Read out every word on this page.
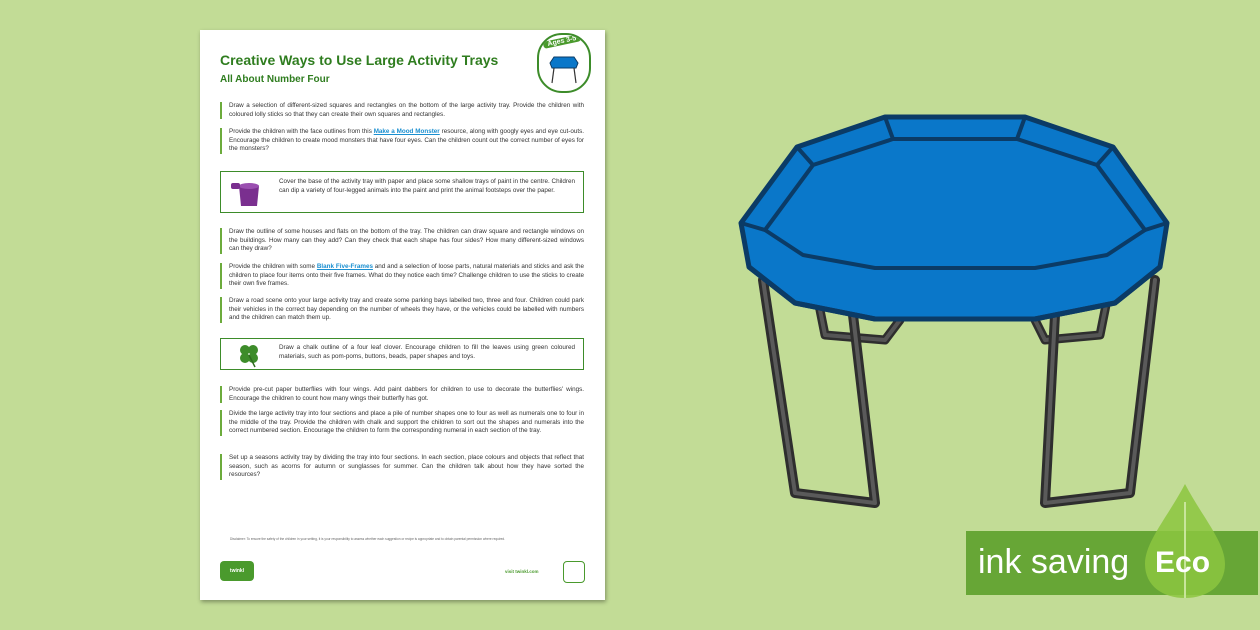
Creative Ways to Use Large Activity Trays
All About Number Four
Ages 3-5
Draw a selection of different-sized squares and rectangles on the bottom of the large activity tray. Provide the children with coloured lolly sticks so that they can create their own squares and rectangles.
Provide the children with the face outlines from this Make a Mood Monster resource, along with googly eyes and eye cut-outs. Encourage the children to create mood monsters that have four eyes. Can the children count out the correct number of eyes for the monsters?
Cover the base of the activity tray with paper and place some shallow trays of paint in the centre. Children can dip a variety of four-legged animals into the paint and print the animal footsteps over the paper.
Draw the outline of some houses and flats on the bottom of the tray. The children can draw square and rectangle windows on the buildings. How many can they add? Can they check that each shape has four sides? How many different-sized windows can they draw?
Provide the children with some Blank Five-Frames and and a selection of loose parts, natural materials and sticks and ask the children to place four items onto their five frames. What do they notice each time? Challenge children to use the sticks to create their own five frames.
Draw a road scene onto your large activity tray and create some parking bays labelled two, three and four. Children could park their vehicles in the correct bay depending on the number of wheels they have, or the vehicles could be labelled with numbers and the children can match them up.
Draw a chalk outline of a four leaf clover. Encourage children to fill the leaves using green coloured materials, such as pom-poms, buttons, beads, paper shapes and toys.
Provide pre-cut paper butterflies with four wings. Add paint dabbers for children to use to decorate the butterflies' wings. Encourage the children to count how many wings their butterfly has got.
Divide the large activity tray into four sections and place a pile of number shapes one to four as well as numerals one to four in the middle of the tray. Provide the children with chalk and support the children to sort out the shapes and numerals into the correct numbered section. Encourage the children to form the corresponding numeral in each section of the tray.
Set up a seasons activity tray by dividing the tray into four sections. In each section, place colours and objects that reflect that season, such as acorns for autumn or sunglasses for summer. Can the children talk about how they have sorted the resources?
Disclaimer: To ensure the safety of the children in your setting, it is your responsibility to assess whether each suggestion or recipe is appropriate and to obtain parental permission where required.
twinkl	visit twinkl.com	ink saving Eco
